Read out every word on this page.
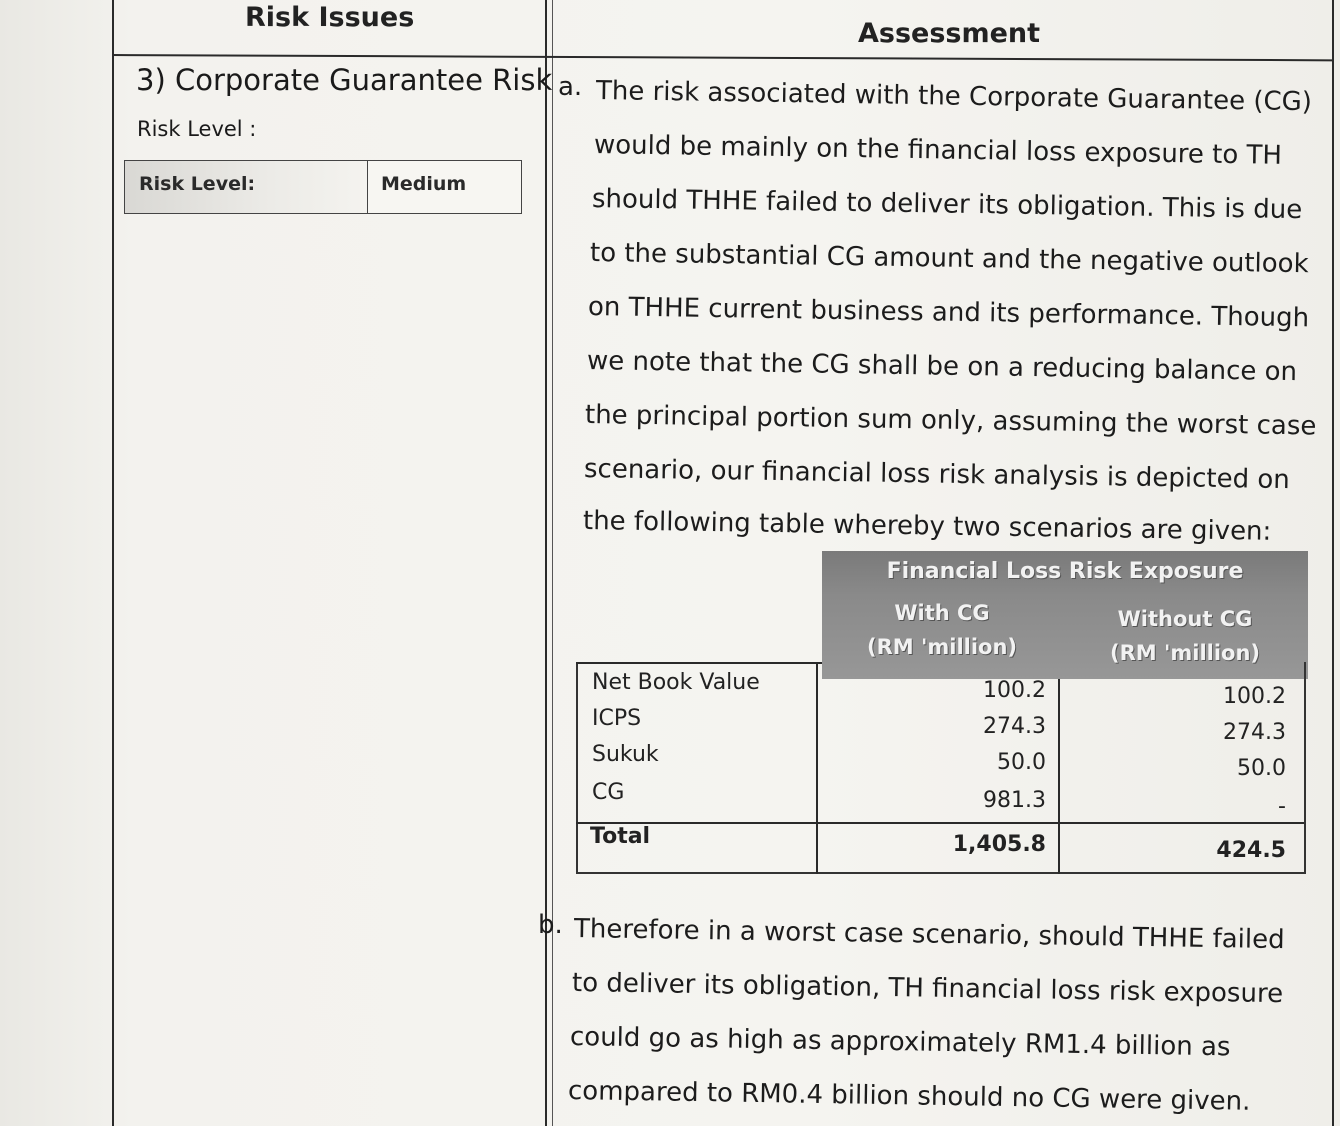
Risk Issues
Assessment
3) Corporate Guarantee Risk
Risk Level :
Risk Level:	Medium
a. The risk associated with the Corporate Guarantee (CG)
would be mainly on the financial loss exposure to TH
should THHE failed to deliver its obligation. This is due
to the substantial CG amount and the negative outlook
on THHE current business and its performance. Though
we note that the CG shall be on a reducing balance on
the principal portion sum only, assuming the worst case
scenario, our financial loss risk analysis is depicted on
the following table whereby two scenarios are given:
Financial Loss Risk Exposure
With CG
(RM 'million)
Without CG
(RM 'million)
Net Book Value	100.2	100.2
ICPS	274.3	274.3
Sukuk	50.0	50.0
CG	981.3	-
Total	1,405.8	424.5
b. Therefore in a worst case scenario, should THHE failed
to deliver its obligation, TH financial loss risk exposure
could go as high as approximately RM1.4 billion as
compared to RM0.4 billion should no CG were given.
